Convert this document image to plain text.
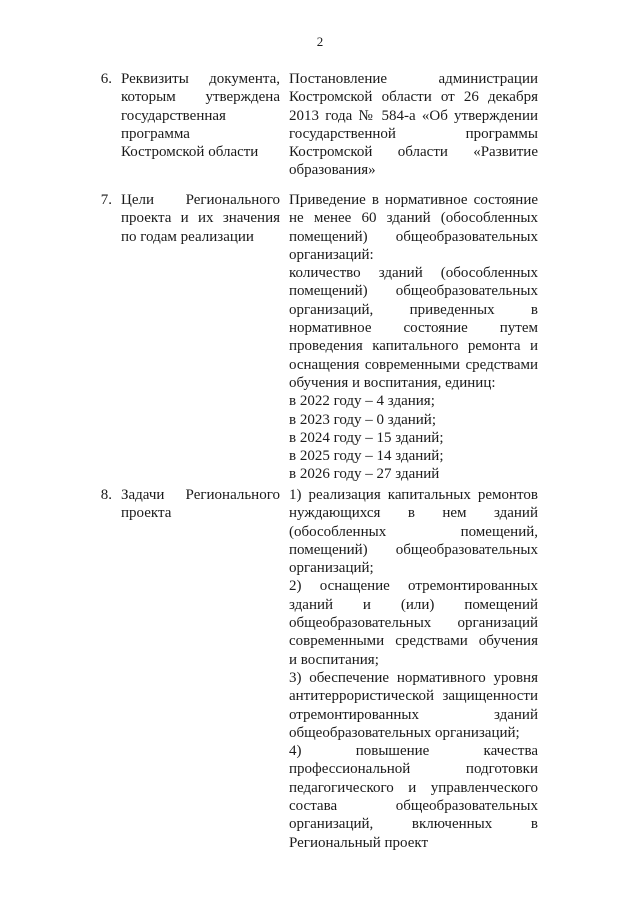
2
6. Реквизиты документа,
которым утверждена
государственная
программа
Костромской области
Постановление администрации
Костромской области от 26 декабря
2013 года № 584-а «Об утверждении
государственной программы
Костромской области «Развитие
образования»
7. Цели Регионального
проекта и их значения
по годам реализации
Приведение в нормативное состояние
не менее 60 зданий (обособленных
помещений) общеобразовательных
организаций:
количество зданий (обособленных
помещений) общеобразовательных
организаций, приведенных в
нормативное состояние путем
проведения капитального ремонта и
оснащения современными средствами
обучения и воспитания, единиц:
в 2022 году – 4 здания;
в 2023 году – 0 зданий;
в 2024 году – 15 зданий;
в 2025 году – 14 зданий;
в 2026 году – 27 зданий
8. Задачи Регионального
проекта
1) реализация капитальных ремонтов
нуждающихся в нем зданий
(обособленных помещений,
помещений) общеобразовательных
организаций;
2) оснащение отремонтированных
зданий и (или) помещений
общеобразовательных организаций
современными средствами обучения
и воспитания;
3) обеспечение нормативного уровня
антитеррористической защищенности
отремонтированных зданий
общеобразовательных организаций;
4) повышение качества
профессиональной подготовки
педагогического и управленческого
состава общеобразовательных
организаций, включенных в
Региональный проект
